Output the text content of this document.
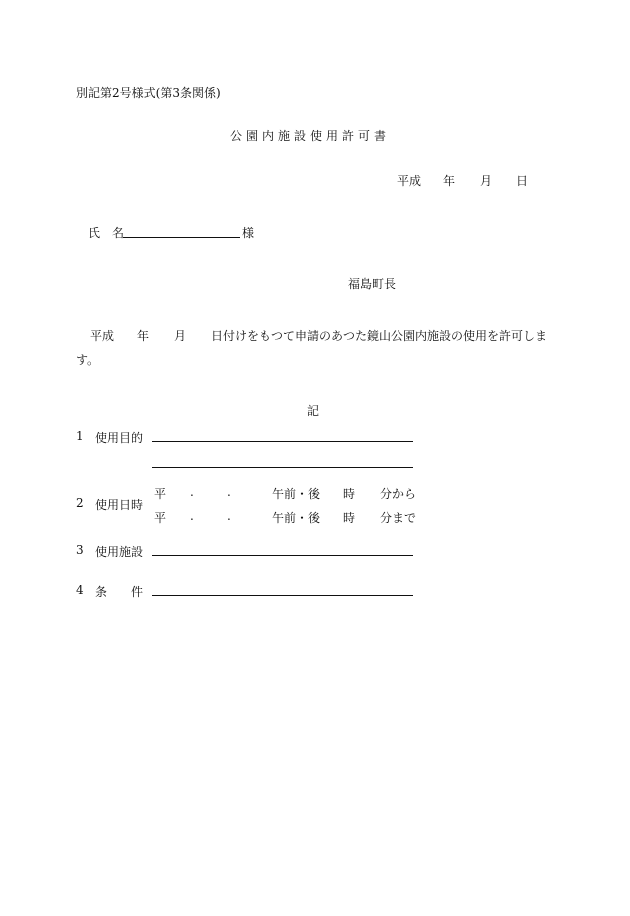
別記第2号様式(第3条関係)
公園内施設使用許可書
平成 年 月 日
氏　名	様
福島町長
平成 年 月 日付けをもつて申請のあつた鏡山公園内施設の使用を許可しま
す。
記
1 使用目的
2 使用日時
平 .	.	午前・後 時 分から
平 .	.	午前・後 時 分まで
3 使用施設
4 条　　件
